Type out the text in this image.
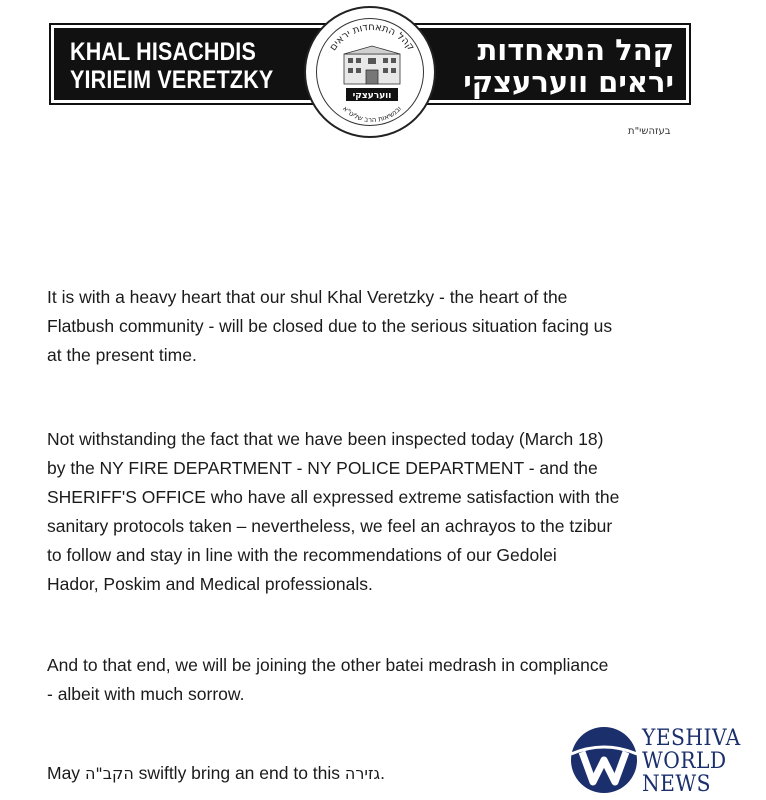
KHAL HISACHDIS
YIRIEIM VERETZKY
קהל התאחדות
יראים ווערעצקי
קהל התאחדות יראים
ווערעצקי
ובנשיאות הרב שליט"א
בעזהשי"ת
It is with a heavy heart that our shul Khal Veretzky - the heart of the
Flatbush community - will be closed due to the serious situation facing us
at the present time.
Not withstanding the fact that we have been inspected today (March 18)
by the NY FIRE DEPARTMENT - NY POLICE DEPARTMENT - and the
SHERIFF'S OFFICE who have all expressed extreme satisfaction with the
sanitary protocols taken – nevertheless, we feel an achrayos to the tzibur
to follow and stay in line with the recommendations of our Gedolei
Hador, Poskim and Medical professionals.
And to that end, we will be joining the other batei medrash in compliance
- albeit with much sorrow.
May הקב"ה swiftly bring an end to this גזירה.
YESHIVA
WORLD
NEWS
